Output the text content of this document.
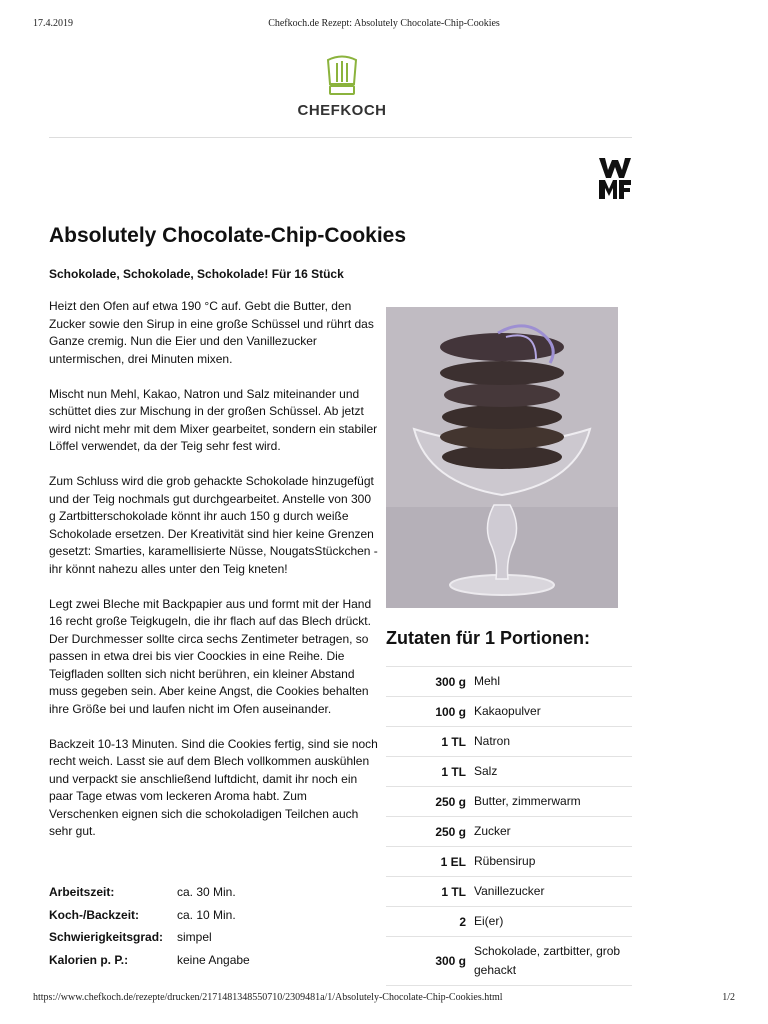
17.4.2019	Chefkoch.de Rezept: Absolutely Chocolate-Chip-Cookies
CHEFKOCH
Absolutely Chocolate-Chip-Cookies
Schokolade, Schokolade, Schokolade! Für 16 Stück

Heizt den Ofen auf etwa 190 °C auf. Gebt die Butter, den Zucker sowie den Sirup in eine große Schüssel und rührt das Ganze cremig. Nun die Eier und den Vanillezucker untermischen, drei Minuten mixen.

Mischt nun Mehl, Kakao, Natron und Salz miteinander und schüttet dies zur Mischung in der großen Schüssel. Ab jetzt wird nicht mehr mit dem Mixer gearbeitet, sondern ein stabiler Löffel verwendet, da der Teig sehr fest wird.

Zum Schluss wird die grob gehackte Schokolade hinzugefügt und der Teig nochmals gut durchgearbeitet. Anstelle von 300 g Zartbitterschokolade könnt ihr auch 150 g durch weiße Schokolade ersetzen. Der Kreativität sind hier keine Grenzen gesetzt: Smarties, karamellisierte Nüsse, NougatsStückchen - ihr könnt nahezu alles unter den Teig kneten!

Legt zwei Bleche mit Backpapier aus und formt mit der Hand 16 recht große Teigkugeln, die ihr flach auf das Blech drückt. Der Durchmesser sollte circa sechs Zentimeter betragen, so passen in etwa drei bis vier Coockies in eine Reihe. Die Teigfladen sollten sich nicht berühren, ein kleiner Abstand muss gegeben sein. Aber keine Angst, die Cookies behalten ihre Größe bei und laufen nicht im Ofen auseinander.

Backzeit 10-13 Minuten. Sind die Cookies fertig, sind sie noch recht weich. Lasst sie auf dem Blech vollkommen auskühlen und verpackt sie anschließend luftdicht, damit ihr noch ein paar Tage etwas vom leckeren Aroma habt. Zum Verschenken eignen sich die schokoladigen Teilchen auch sehr gut.

Arbeitszeit:	ca. 30 Min.
Koch-/Backzeit:	ca. 10 Min.
Schwierigkeitsgrad:	simpel
Kalorien p. P.:	keine Angabe
Zutaten für 1 Portionen:
300 g	Mehl
100 g	Kakaopulver
1 TL	Natron
1 TL	Salz
250 g	Butter, zimmerwarm
250 g	Zucker
1 EL	Rübensirup
1 TL	Vanillezucker
2	Ei(er)
300 g	Schokolade, zartbitter, grob gehackt
https://www.chefkoch.de/rezepte/drucken/2171481348550710/2309481a/1/Absolutely-Chocolate-Chip-Cookies.html	1/2
